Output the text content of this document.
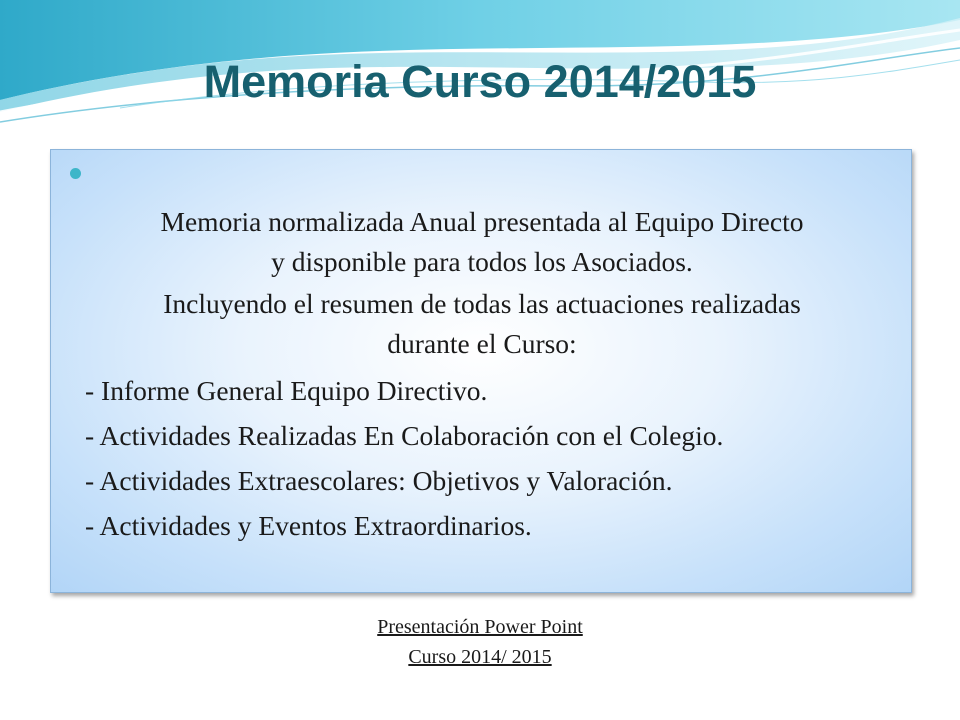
Memoria Curso 2014/2015
Memoria normalizada Anual presentada al Equipo Directo
y disponible para todos los Asociados.
Incluyendo el resumen de todas las actuaciones realizadas
durante el Curso:
- Informe General Equipo Directivo.
- Actividades Realizadas En Colaboración con el Colegio.
- Actividades Extraescolares: Objetivos y Valoración.
- Actividades y Eventos Extraordinarios.
Presentación Power Point
Curso 2014/ 2015
